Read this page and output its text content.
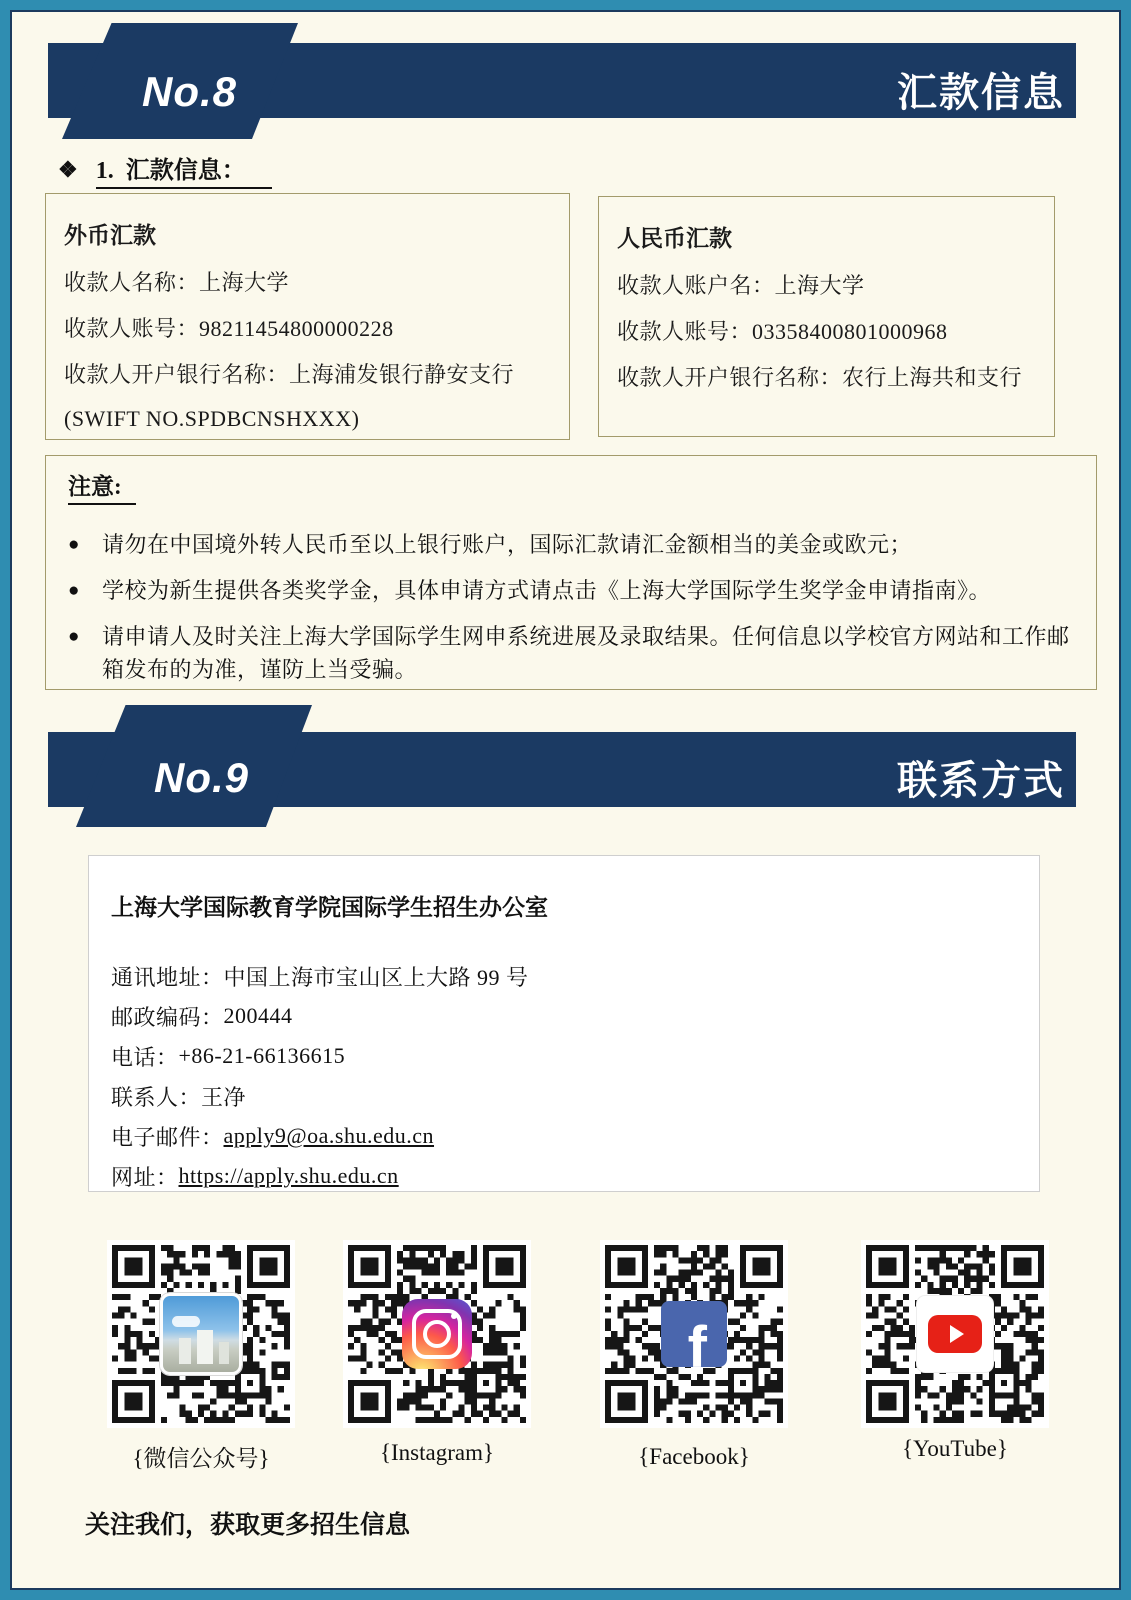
No.8	汇款信息
❖ 1.  汇款信息：
外币汇款
收款人名称：上海大学
收款人账号：98211454800000228
收款人开户银行名称：上海浦发银行静安支行
(SWIFT NO.SPDBCNSHXXX)
人民币汇款
收款人账户名：上海大学
收款人账号：03358400801000968
收款人开户银行名称：农行上海共和支行
注意:
●	请勿在中国境外转人民币至以上银行账户，国际汇款请汇金额相当的美金或欧元；
●	学校为新生提供各类奖学金，具体申请方式请点击《上海大学国际学生奖学金申请指南》。
●	请申请人及时关注上海大学国际学生网申系统进展及录取结果。任何信息以学校官方网站和工作邮箱发布的为准，谨防上当受骗。
No.9	联系方式
上海大学国际教育学院国际学生招生办公室
通讯地址： 中国上海市宝山区上大路 99 号
邮政编码： 200444
电话： +86-21-66136615
联系人： 王净
电子邮件： apply9@oa.shu.edu.cn
网址： https://apply.shu.edu.cn
{微信公众号}	{Instagram}
f
{Facebook}	{YouTube}
关注我们，获取更多招生信息
